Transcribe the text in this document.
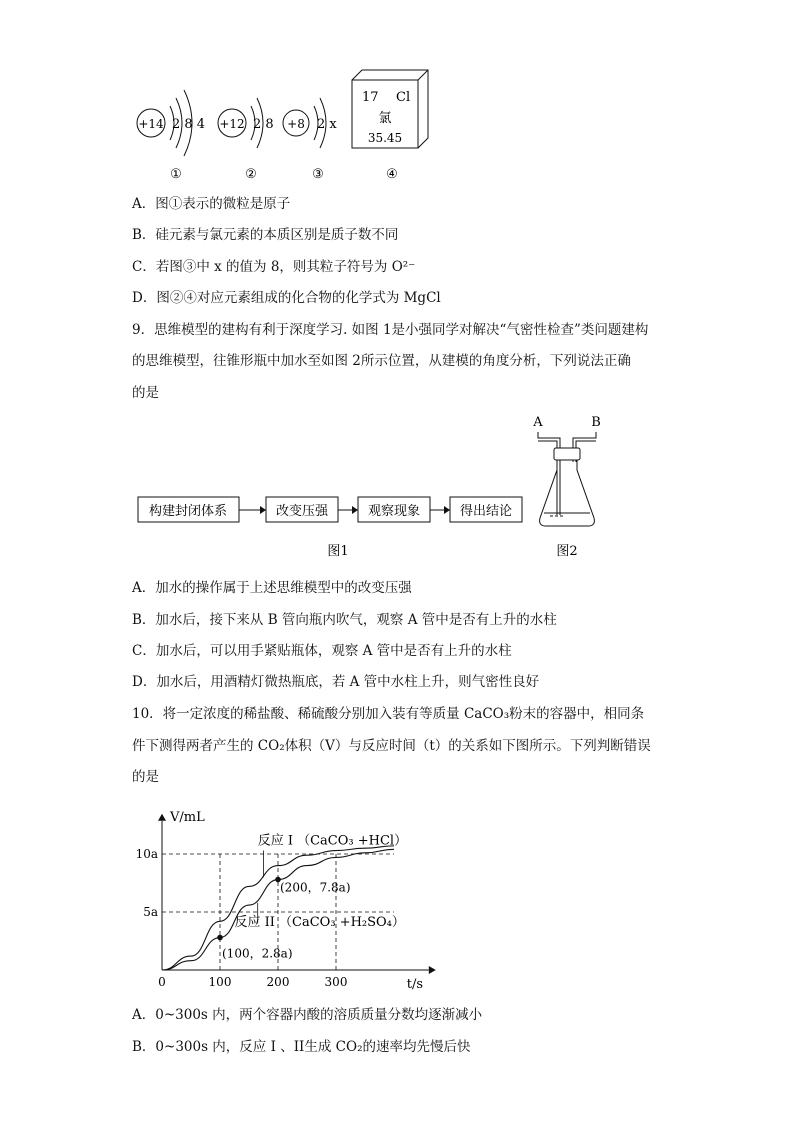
+14 2 8 4 +12 2 8 +8 2 x
17 Cl
氯
35.45
①	②	③	④
A．图①表示的微粒是原子
B．硅元素与氯元素的本质区别是质子数不同
C．若图③中 x 的值为 8，则其粒子符号为 O²⁻
D．图②④对应元素组成的化合物的化学式为 MgCl
9．思维模型的建构有利于深度学习. 如图 1是小强同学对解决“气密性检查”类问题建构
的思维模型，往锥形瓶中加水至如图 2所示位置，从建模的角度分析，下列说法正确
的是
构建封闭体系	改变压强	观察现象	得出结论
图1
A	B
图2
A．加水的操作属于上述思维模型中的改变压强
B．加水后，接下来从 B 管向瓶内吹气，观察 A 管中是否有上升的水柱
C．加水后，可以用手紧贴瓶体，观察 A 管中是否有上升的水柱
D．加水后，用酒精灯微热瓶底，若 A 管中水柱上升，则气密性良好
10．将一定浓度的稀盐酸、稀硫酸分别加入装有等质量 CaCO₃粉末的容器中，相同条
件下测得两者产生的 CO₂体积（V）与反应时间（t）的关系如下图所示。下列判断错误
的是
V/mL
t/s
0	100	200	300
5a
10a
反应 I （CaCO₃ +HCl）
反应 II （CaCO₃ +H₂SO₄）
(100，2.8a)
(200，7.8a)
A．0~300s 内，两个容器内酸的溶质质量分数均逐渐减小
B．0~300s 内，反应 I 、II生成 CO₂的速率均先慢后快
